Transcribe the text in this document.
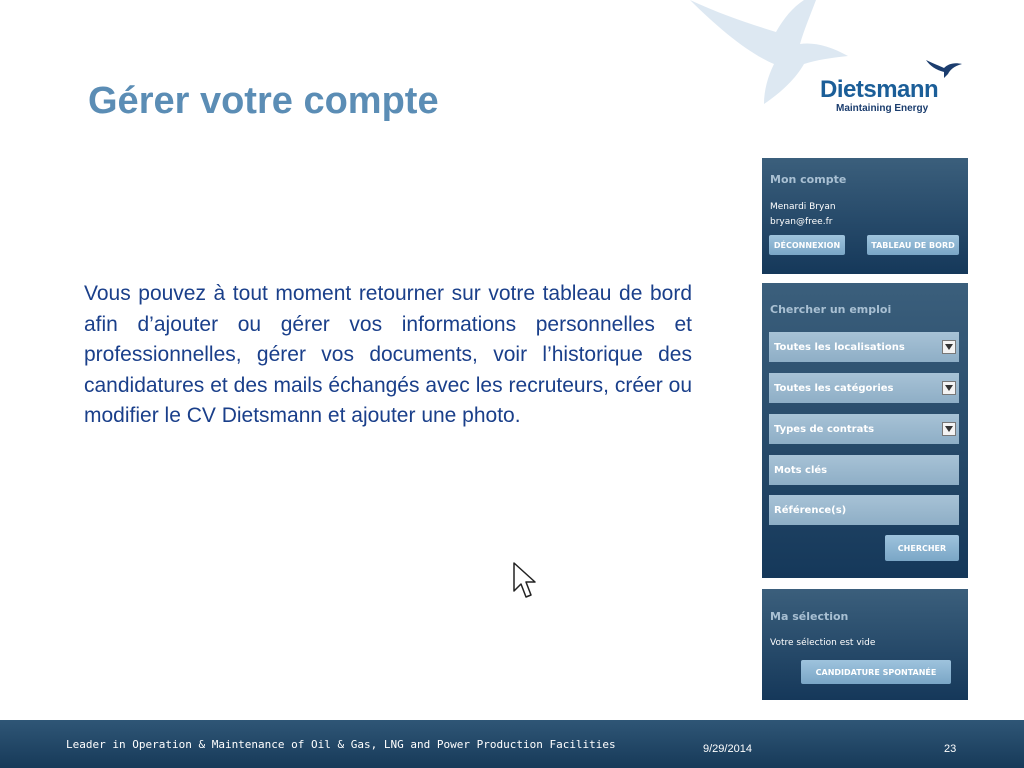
Dietsmann
Maintaining Energy
Gérer votre compte

Vous pouvez à tout moment retourner sur votre tableau de bord afin d’ajouter ou gérer vos informations personnelles et professionnelles, gérer vos documents, voir l’historique des candidatures et des mails échangés avec les recruteurs, créer ou modifier le CV Dietsmann et ajouter une photo.

Mon compte
Menardi Bryan
bryan@free.fr
DÉCONNEXION	TABLEAU DE BORD
Chercher un emploi
Toutes les localisations
Toutes les catégories
Types de contrats
Mots clés
Référence(s)
CHERCHER
Ma sélection
Votre sélection est vide
CANDIDATURE SPONTANÉE
Leader in Operation & Maintenance of Oil & Gas, LNG and Power Production Facilities	9/29/2014	23
